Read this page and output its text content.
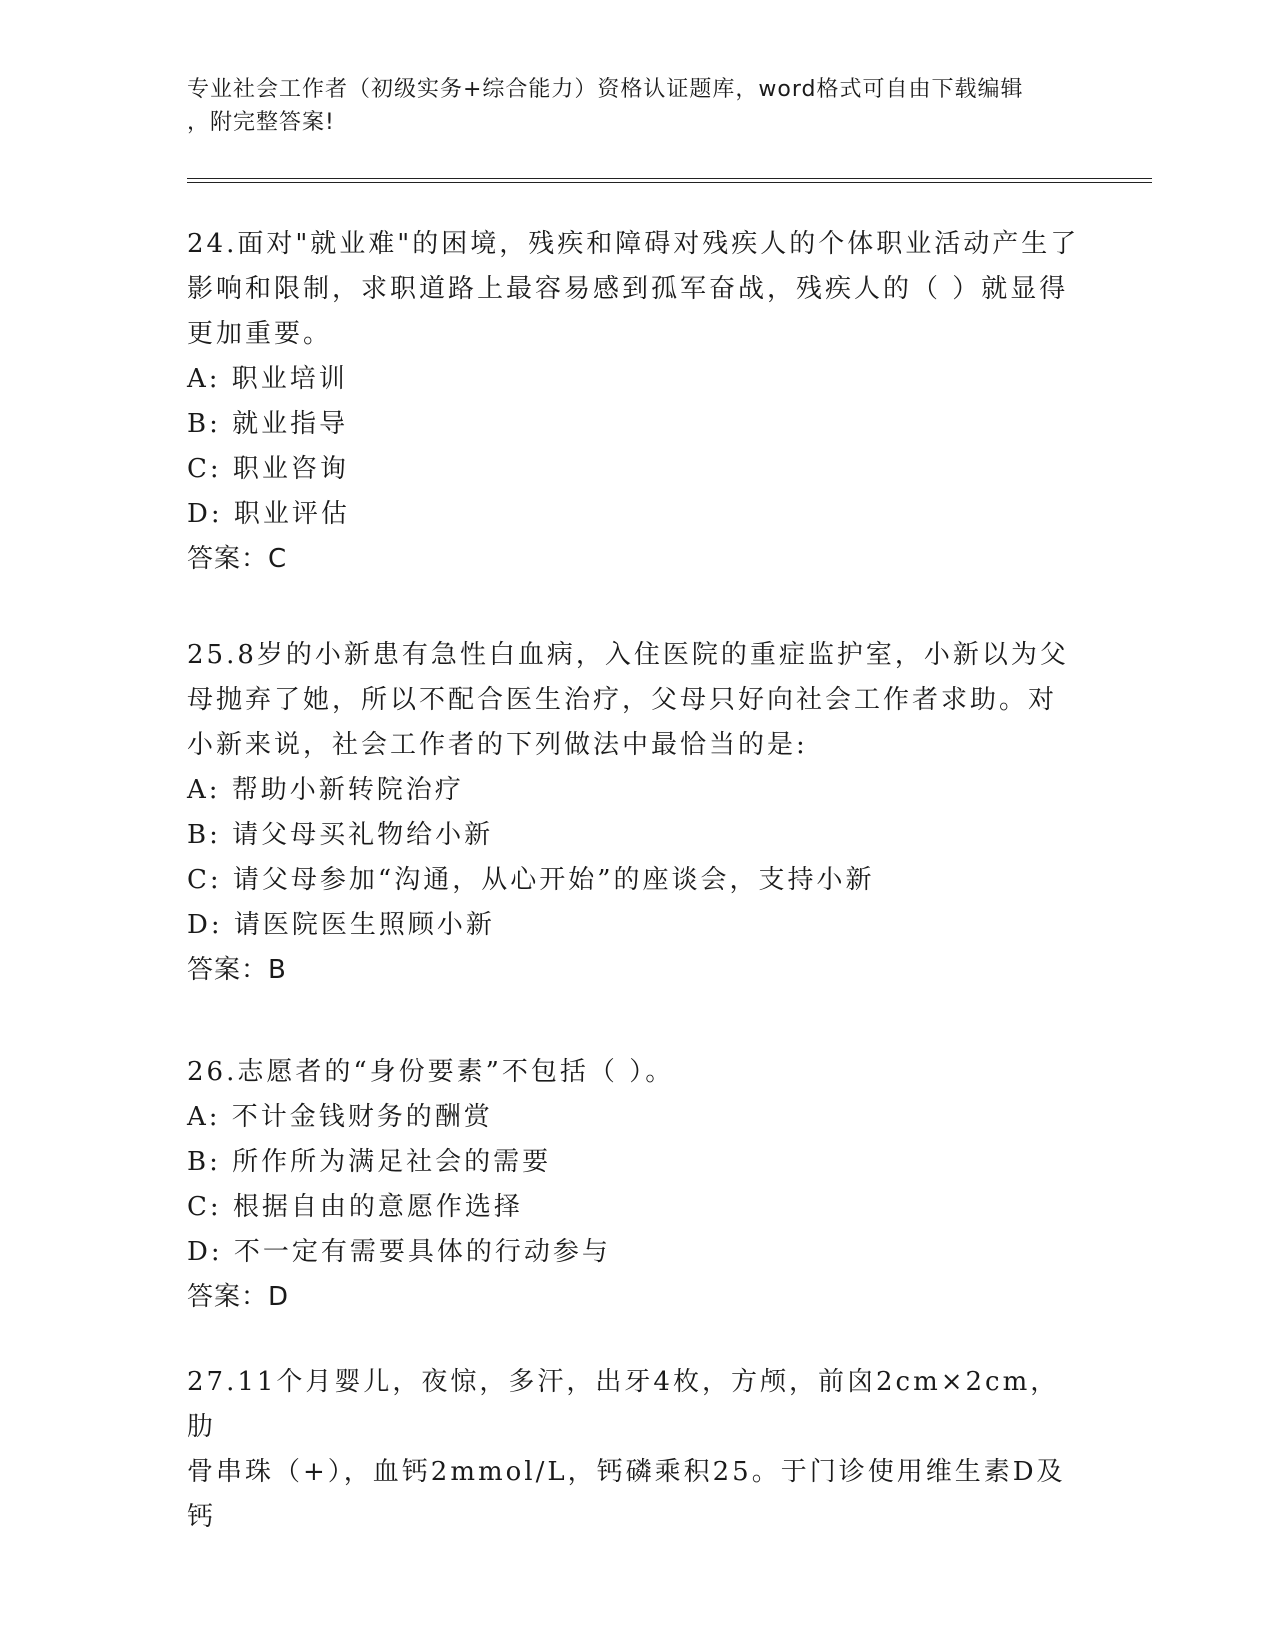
专业社会工作者（初级实务+综合能力）资格认证题库，word格式可自由下载编辑
，附完整答案!

24.面对"就业难"的困境，残疾和障碍对残疾人的个体职业活动产生了

影响和限制，求职道路上最容易感到孤军奋战，残疾人的（ ）就显得

更加重要。

A: 职业培训

B: 就业指导

C: 职业咨询

D: 职业评估

答案：C

25.8岁的小新患有急性白血病，入住医院的重症监护室，小新以为父

母抛弃了她，所以不配合医生治疗，父母只好向社会工作者求助。对

小新来说，社会工作者的下列做法中最恰当的是:

A: 帮助小新转院治疗

B: 请父母买礼物给小新

C: 请父母参加“沟通，从心开始”的座谈会，支持小新

D: 请医院医生照顾小新

答案：B

26.志愿者的“身份要素”不包括（ ）。

A: 不计金钱财务的酬赏

B: 所作所为满足社会的需要

C: 根据自由的意愿作选择

D: 不一定有需要具体的行动参与

答案：D

27.11个月婴儿，夜惊，多汗，出牙4枚，方颅，前囟2cm×2cm，肋

骨串珠（+），血钙2mmol/L，钙磷乘积25。于门诊使用维生素D及钙
